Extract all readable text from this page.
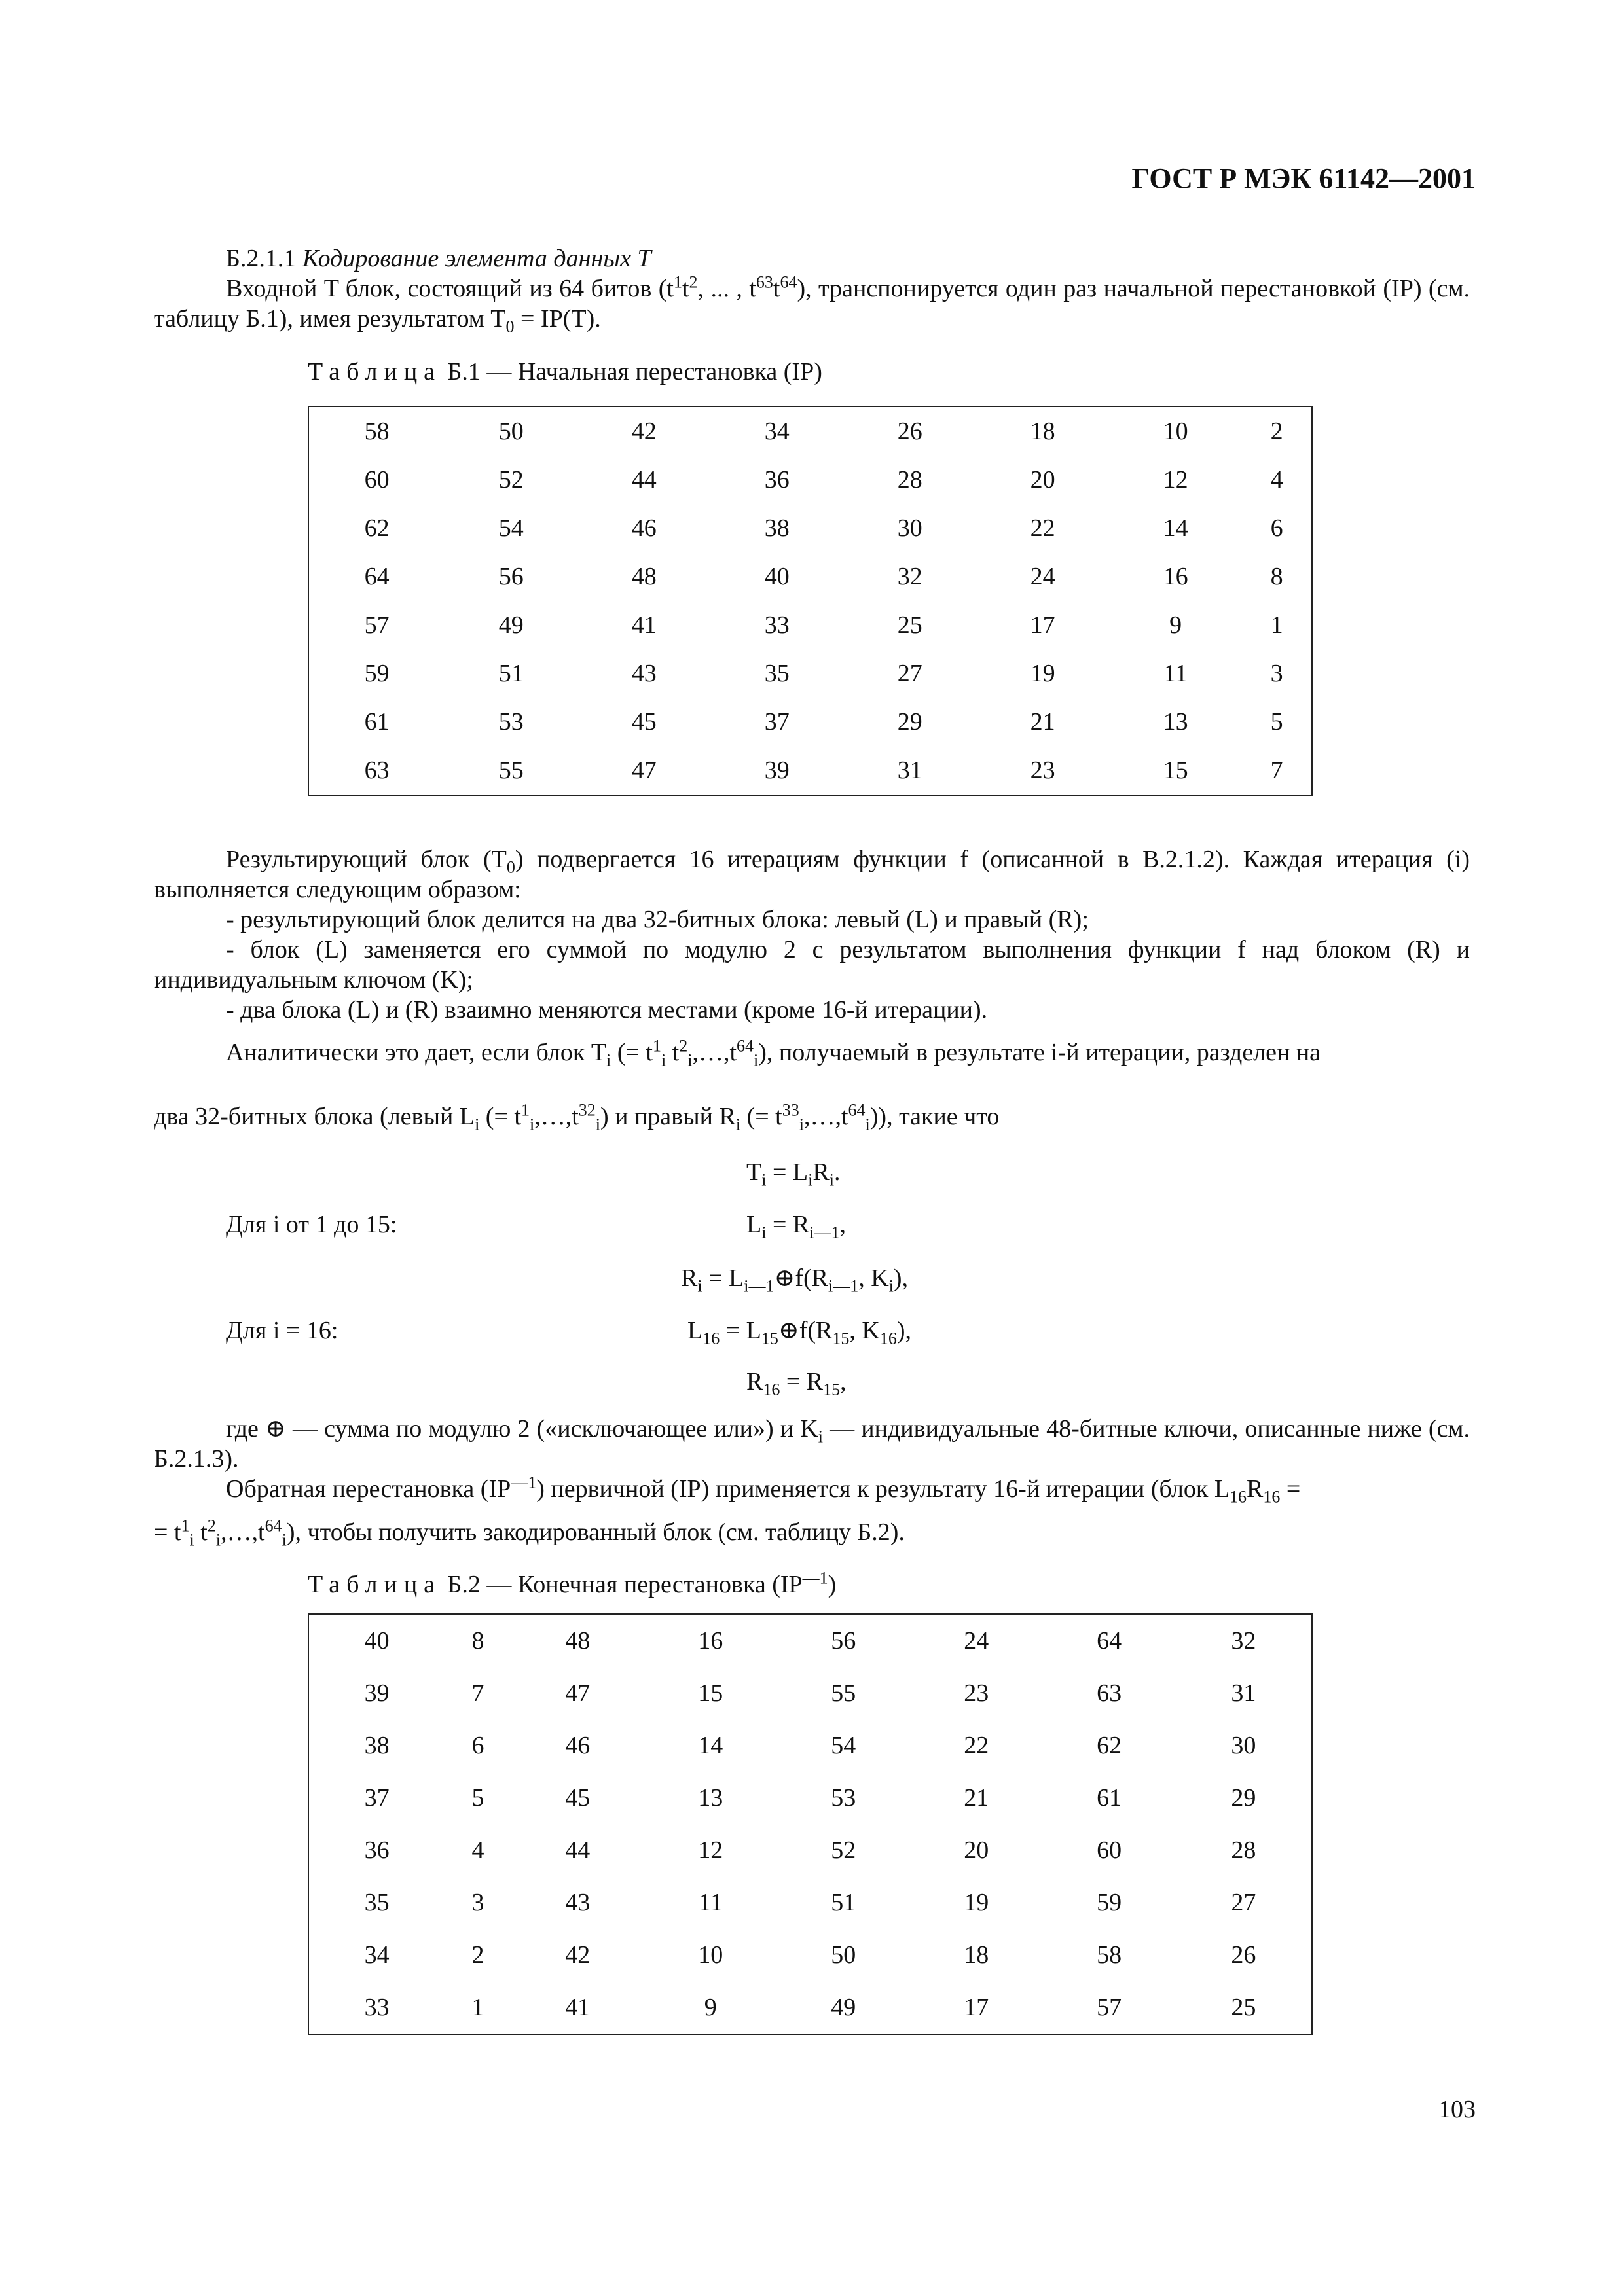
ГОСТ Р МЭК 61142—2001

Б.2.1.1 Кодирование элемента данных T

Входной T блок, состоящий из 64 битов ($t^1t^2$, ... , $t^{63}t^{64}$), транспонируется один раз начальной перестановкой (IP) (см. таблицу Б.1), имея результатом $T_0 = IP(T)$.

Таблица Б.1 — Начальная перестановка (IP)
58	50	42	34	26	18	10	2
60	52	44	36	28	20	12	4
62	54	46	38	30	22	14	6
64	56	48	40	32	24	16	8
57	49	41	33	25	17	9	1
59	51	43	35	27	19	11	3
61	53	45	37	29	21	13	5
63	55	47	39	31	23	15	7

Результирующий блок $(T_0)$ подвергается 16 итерациям функции f (описанной в B.2.1.2). Каждая итерация (i) выполняется следующим образом:

- результирующий блок делится на два 32-битных блока: левый (L) и правый (R);

- блок (L) заменяется его суммой по модулю 2 с результатом выполнения функции f над блоком (R) и индивидуальным ключом (K);

- два блока (L) и (R) взаимно меняются местами (кроме 16-й итерации).

Аналитически это дает, если блок $T_i$ (= $t^1_i$ $t^2_i,\dots,t^{64}_i$), получаемый в результате i-й итерации, разделен на

два 32-битных блока (левый $L_i$ (= $t^1_i,\dots,t^{32}_i$) и правый $R_i$ (= $t^{33}_i,\dots,t^{64}_i$)), такие что

$T_i = L_iR_i$.
Для i от 1 до 15:	$L_i = R_{i—1}$,
$R_i$ = $L_{i—1}\oplus f(R_{i—1}$, $K_i$),
Для i = 16:	$L_{16}$ = $L_{15}\oplus f(R_{15}$, $K_{16}$),
$R_{16} = R_{15}$,

где ⊕ — сумма по модулю 2 («исключающее или») и $K_i$ — индивидуальные 48-битные ключи, описанные ниже (см. Б.2.1.3).

Обратная перестановка $(IP^{—1})$ первичной (IP) применяется к результату 16-й итерации (блок $L_{16}R_{16}$ =

= $t^1_i$ $t^2_i,\dots,t^{64}_i$), чтобы получить закодированный блок (см. таблицу Б.2).

Таблица Б.2 — Конечная перестановка $(IP^{—1})$
40	8	48	16	56	24	64	32
39	7	47	15	55	23	63	31
38	6	46	14	54	22	62	30
37	5	45	13	53	21	61	29
36	4	44	12	52	20	60	28
35	3	43	11	51	19	59	27
34	2	42	10	50	18	58	26
33	1	41	9	49	17	57	25
103
